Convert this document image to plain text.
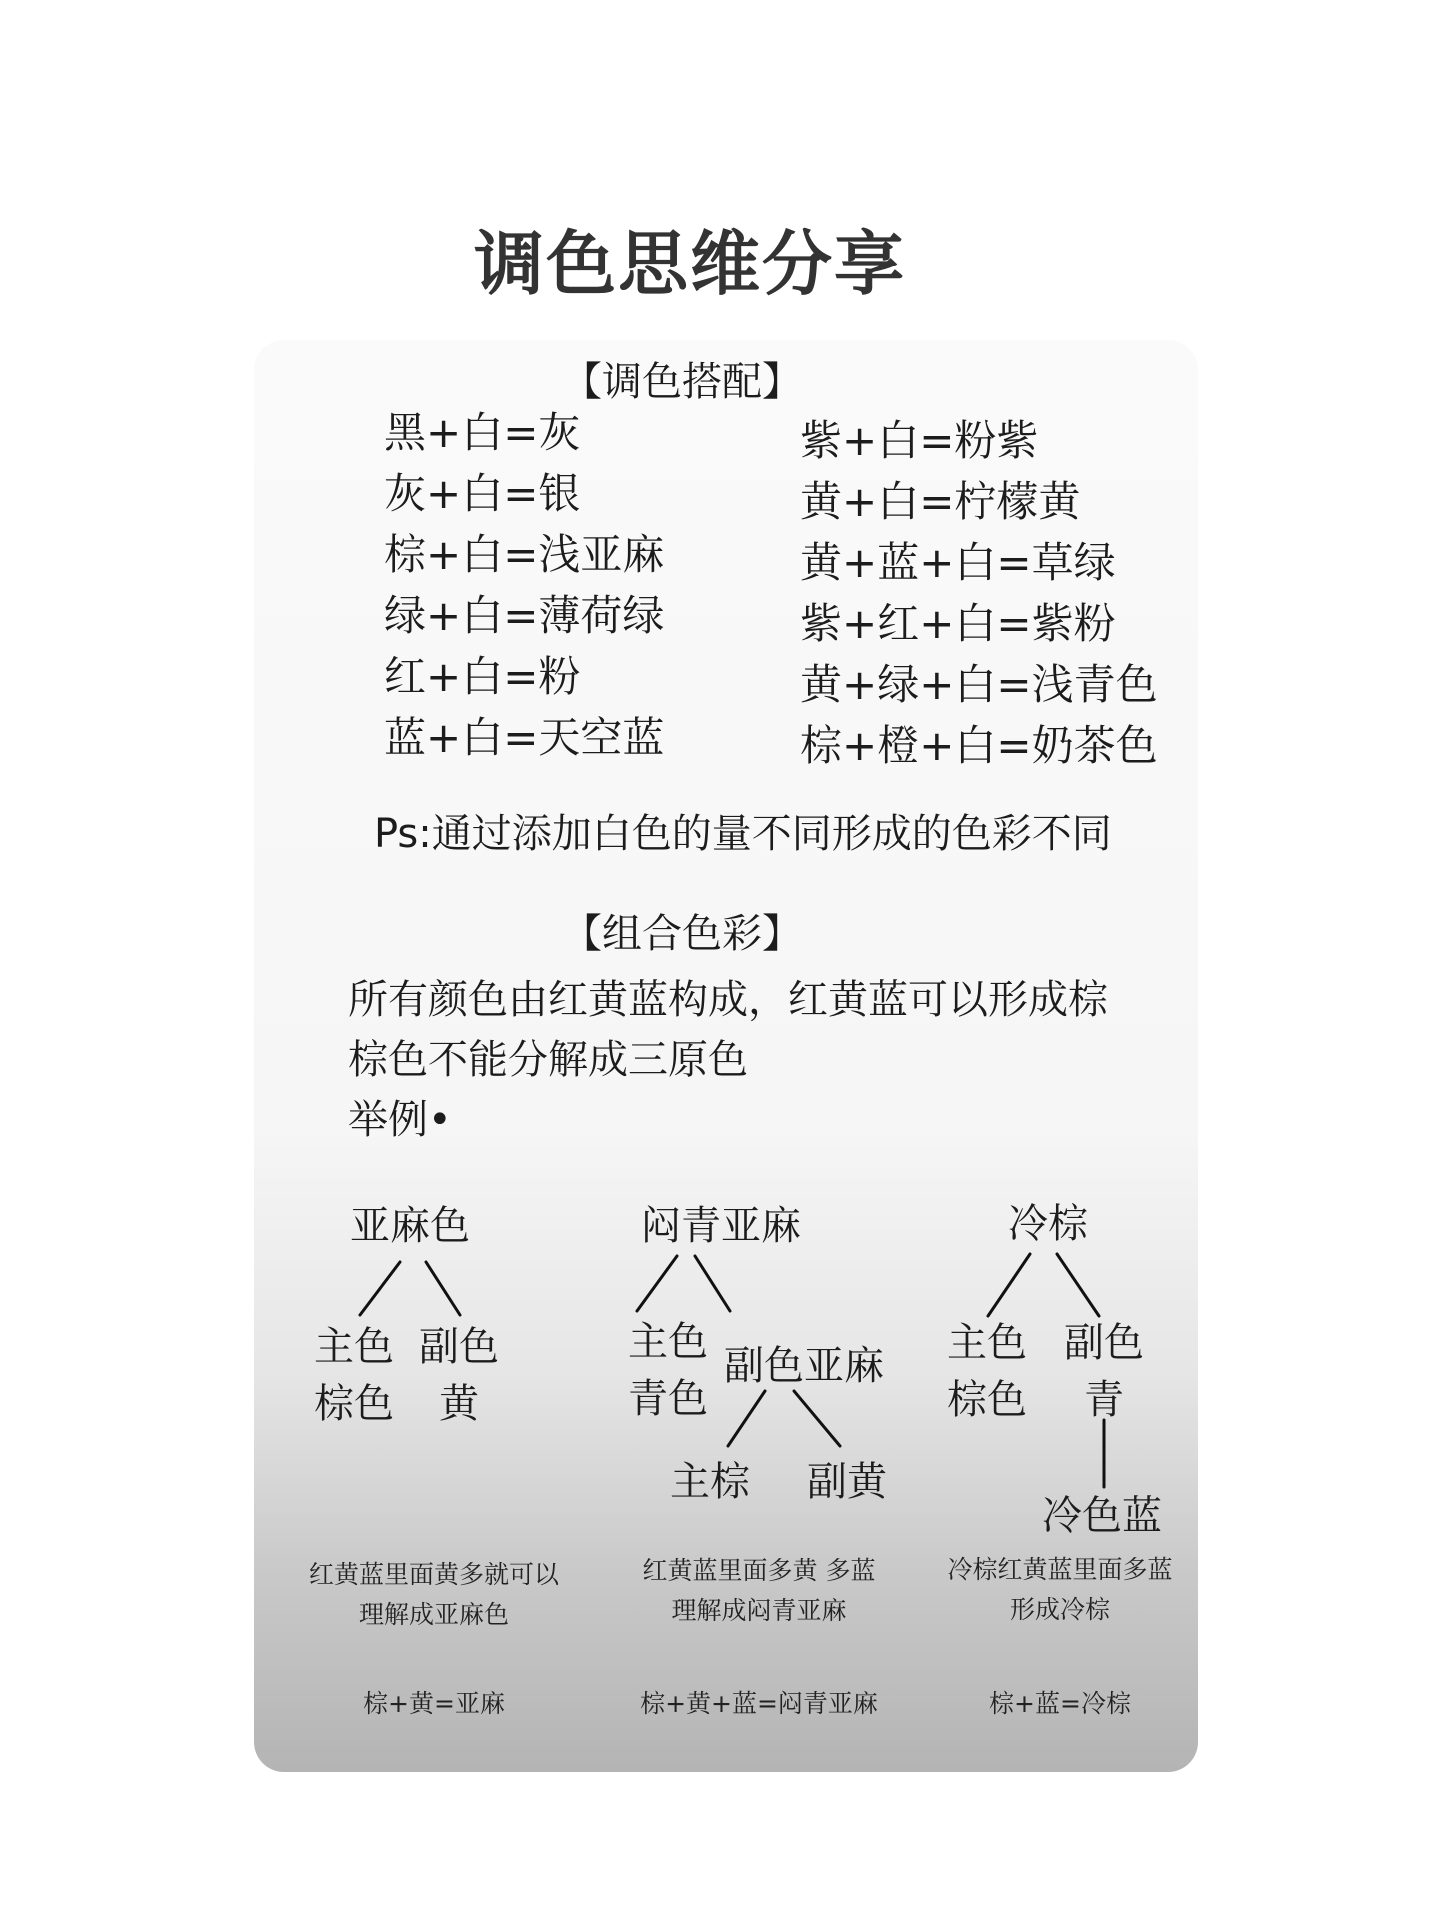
调色思维分享
【调色搭配】
黑+白=灰
灰+白=银
棕+白=浅亚麻
绿+白=薄荷绿
红+白=粉
蓝+白=天空蓝
紫+白=粉紫
黄+白=柠檬黄
黄+蓝+白=草绿
紫+红+白=紫粉
黄+绿+白=浅青色
棕+橙+白=奶茶色
Ps:通过添加白色的量不同形成的色彩不同
【组合色彩】
所有颜色由红黄蓝构成，红黄蓝可以形成棕
棕色不能分解成三原色
举例•
亚麻色
主色
棕色
副色
黄
闷青亚麻
主色
青色
副色亚麻
主棕 副黄
冷棕
主色
棕色
副色
青
冷色蓝
红黄蓝里面黄多就可以
理解成亚麻色
红黄蓝里面多黄 多蓝
理解成闷青亚麻
冷棕红黄蓝里面多蓝
形成冷棕
棕+黄=亚麻	棕+黄+蓝=闷青亚麻	棕+蓝=冷棕
